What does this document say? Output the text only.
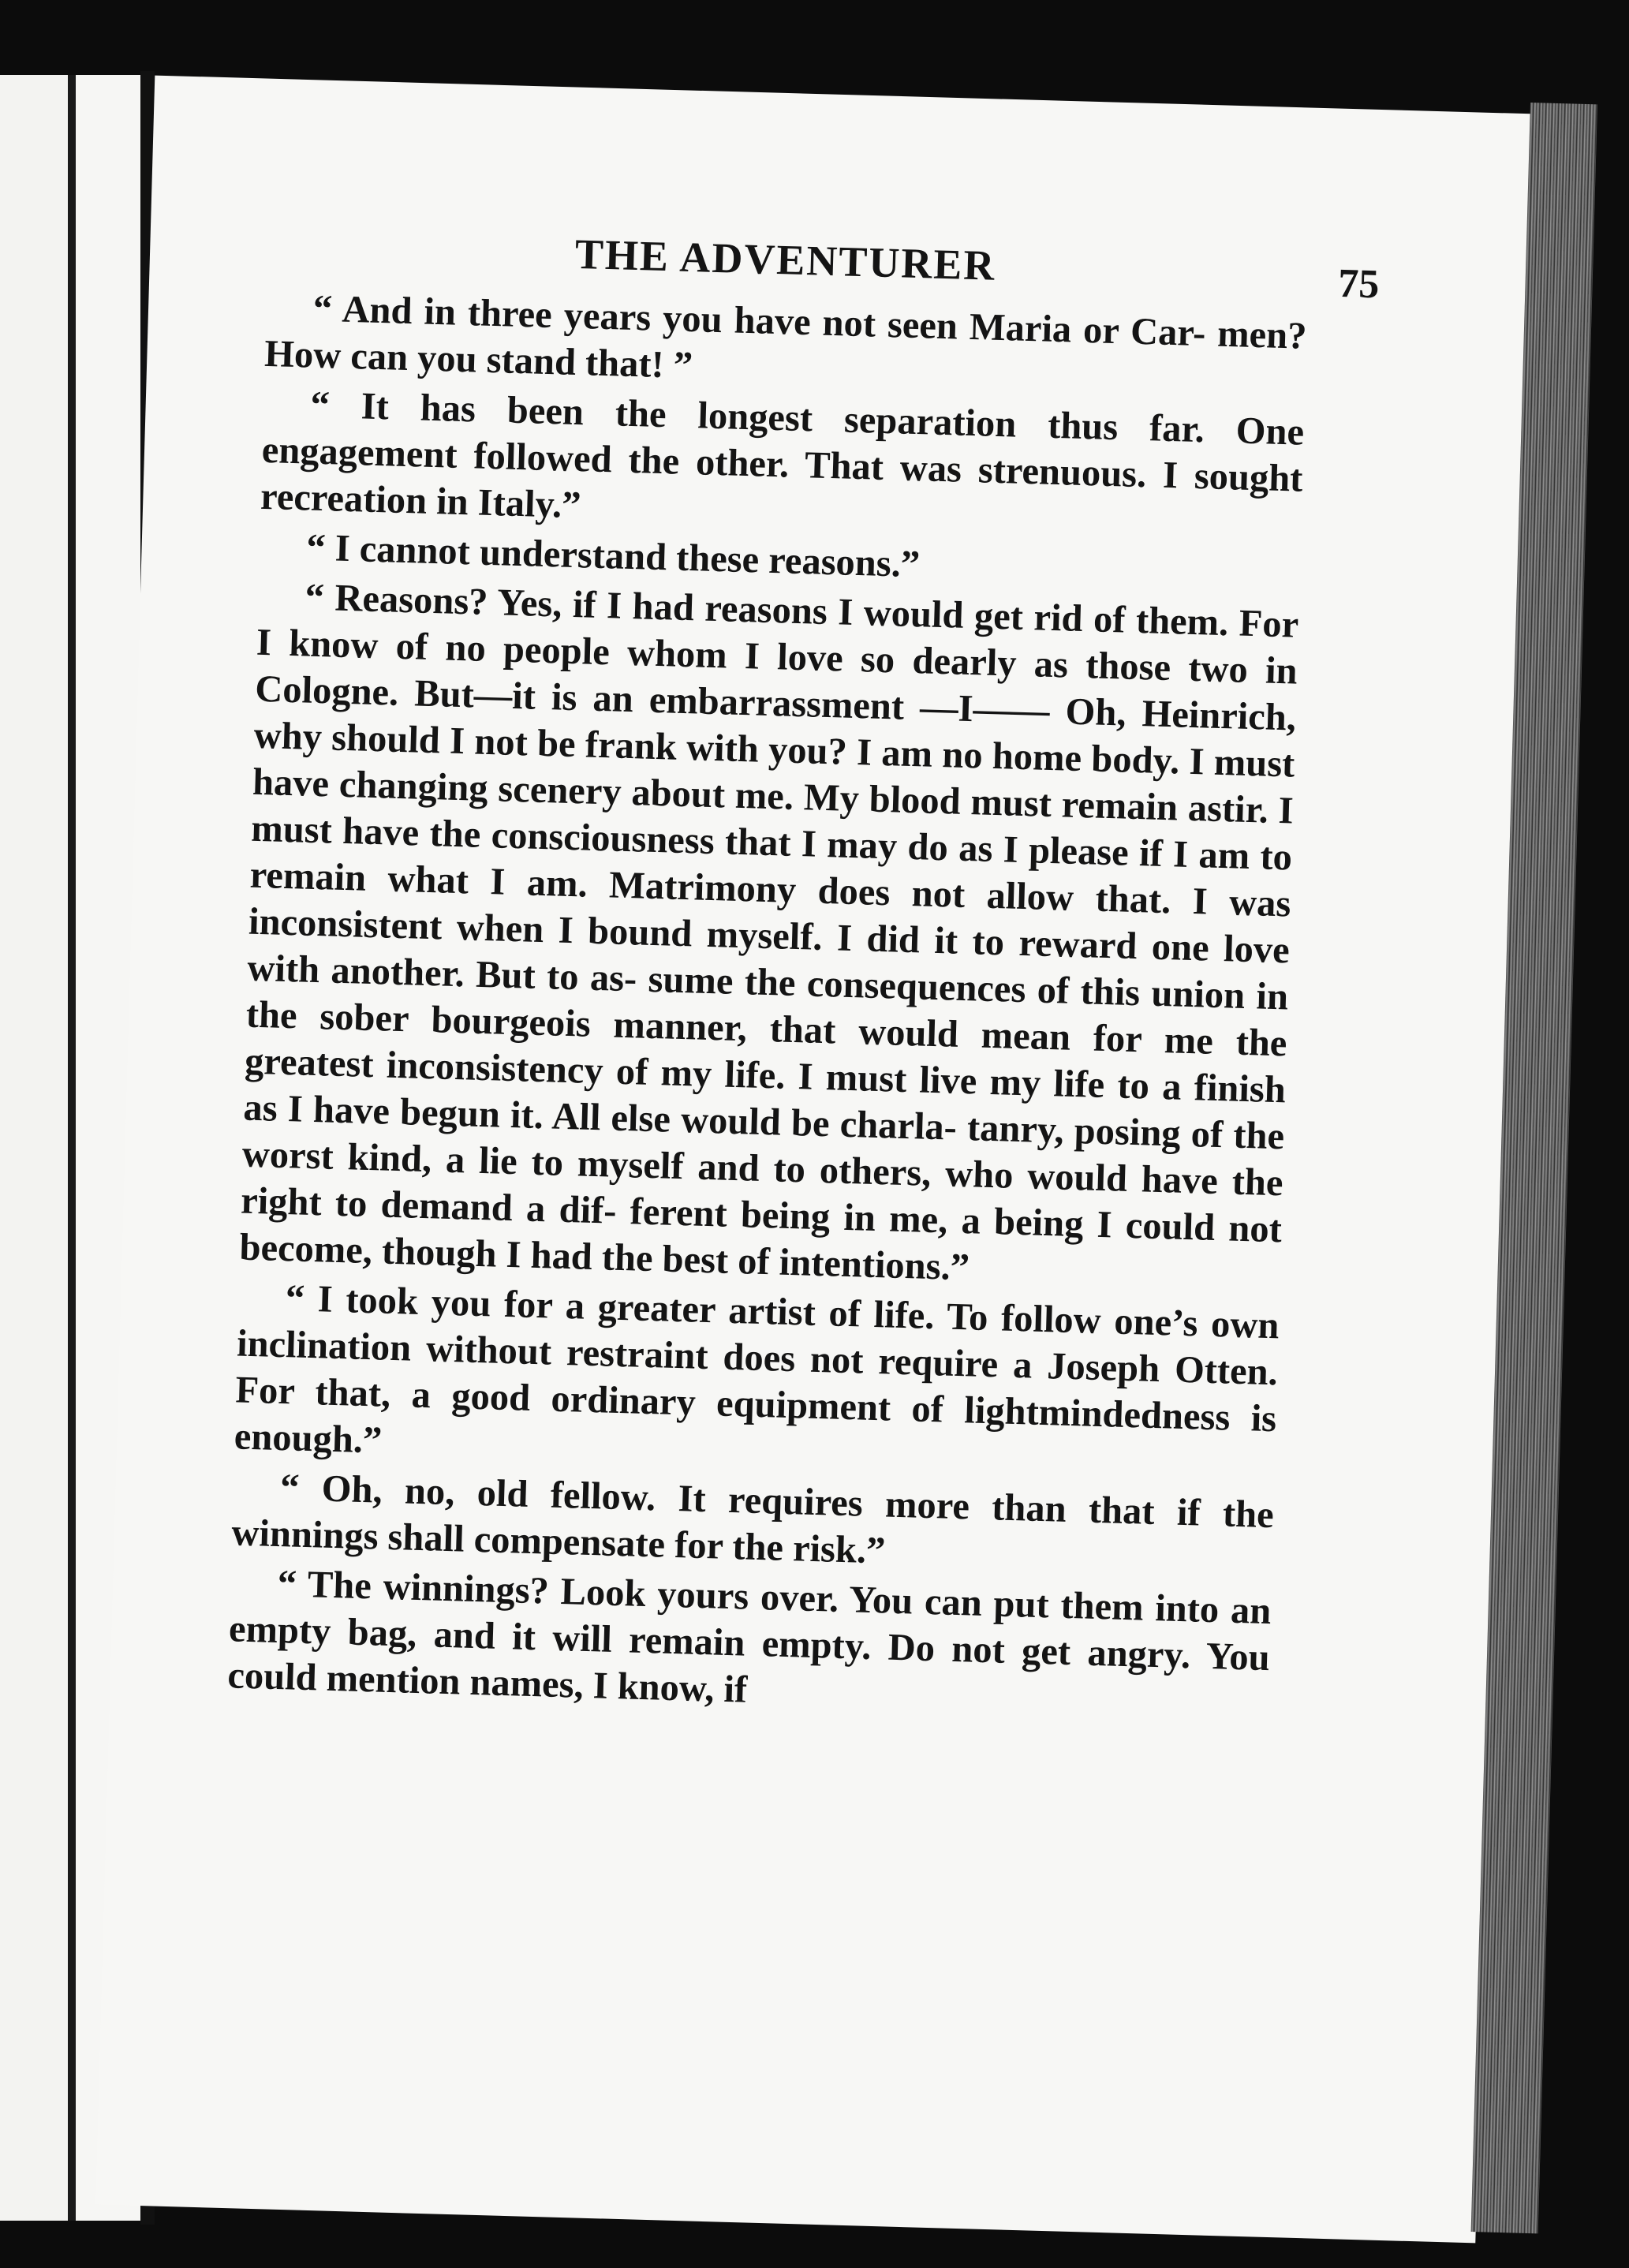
THE ADVENTURER	75

“ And in three years you have not seen Maria or Car- men? How can you stand that! ”

“ It has been the longest separation thus far. One engagement followed the other. That was strenuous. I sought recreation in Italy.”

“ I cannot understand these reasons.”

“ Reasons? Yes, if I had reasons I would get rid of them. For I know of no people whom I love so dearly as those two in Cologne. But—it is an embarrassment —I—— Oh, Heinrich, why should I not be frank with you? I am no home body. I must have changing scenery about me. My blood must remain astir. I must have the consciousness that I may do as I please if I am to remain what I am. Matrimony does not allow that. I was inconsistent when I bound myself. I did it to reward one love with another. But to as- sume the consequences of this union in the sober bourgeois manner, that would mean for me the greatest inconsistency of my life. I must live my life to a finish as I have begun it. All else would be charla- tanry, posing of the worst kind, a lie to myself and to others, who would have the right to demand a dif- ferent being in me, a being I could not become, though I had the best of intentions.”

“ I took you for a greater artist of life. To follow one’s own inclination without restraint does not require a Joseph Otten. For that, a good ordinary equipment of lightmindedness is enough.”

“ Oh, no, old fellow. It requires more than that if the winnings shall compensate for the risk.”

“ The winnings? Look yours over. You can put them into an empty bag, and it will remain empty. Do not get angry. You could mention names, I know, if
